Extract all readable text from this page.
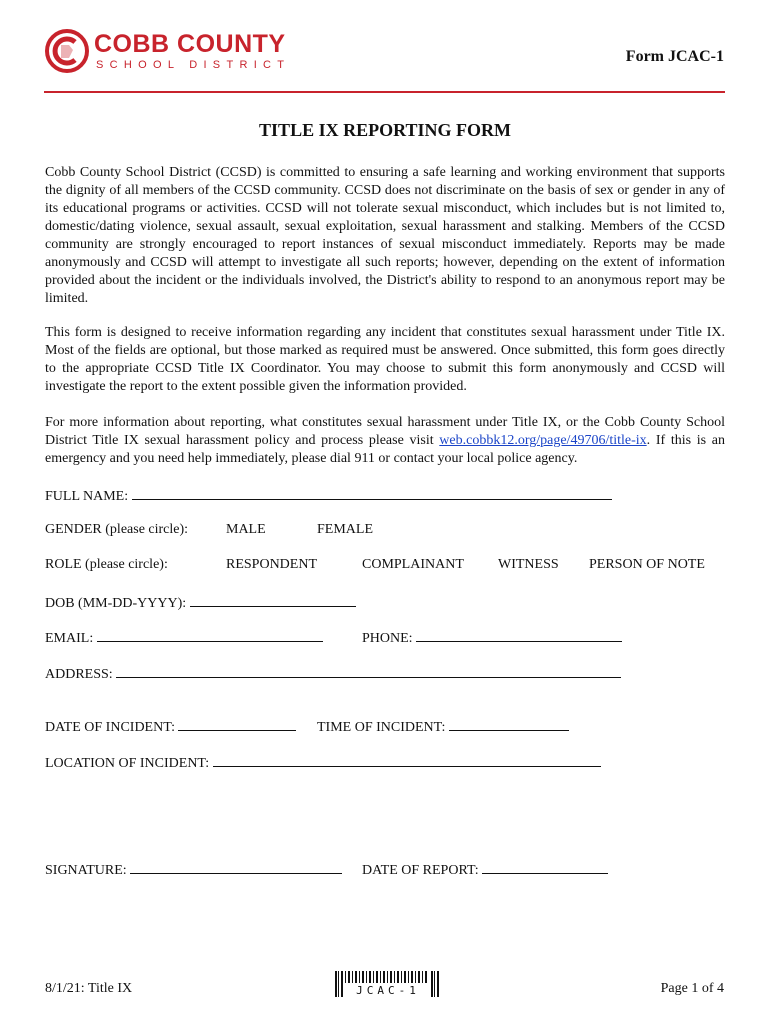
COBB COUNTY
SCHOOL DISTRICT	Form JCAC-1
TITLE IX REPORTING FORM

Cobb County School District (CCSD) is committed to ensuring a safe learning and working environment that supports the dignity of all members of the CCSD community. CCSD does not discriminate on the basis of sex or gender in any of its educational programs or activities. CCSD will not tolerate sexual misconduct, which includes but is not limited to, domestic/dating violence, sexual assault, sexual exploitation, sexual harassment and stalking. Members of the CCSD community are strongly encouraged to report instances of sexual misconduct immediately. Reports may be made anonymously and CCSD will attempt to investigate all such reports; however, depending on the extent of information provided about the incident or the individuals involved, the District's ability to respond to an anonymous report may be limited.

This form is designed to receive information regarding any incident that constitutes sexual harassment under Title IX. Most of the fields are optional, but those marked as required must be answered. Once submitted, this form goes directly to the appropriate CCSD Title IX Coordinator. You may choose to submit this form anonymously and CCSD will investigate the report to the extent possible given the information provided.

For more information about reporting, what constitutes sexual harassment under Title IX, or the Cobb County School District Title IX sexual harassment policy and process please visit web.cobbk12.org/page/49706/title-ix. If this is an emergency and you need help immediately, please dial 911 or contact your local police agency.

FULL NAME:
GENDER (please circle):	MALE	FEMALE
ROLE (please circle):	RESPONDENT	COMPLAINANT WITNESS PERSON OF NOTE
DOB (MM-DD-YYYY):
EMAIL:	PHONE:
ADDRESS:
DATE OF INCIDENT:	TIME OF INCIDENT:
LOCATION OF INCIDENT:
SIGNATURE:	DATE OF REPORT:
8/1/21: Title IX	JCAC-1	Page 1 of 4
